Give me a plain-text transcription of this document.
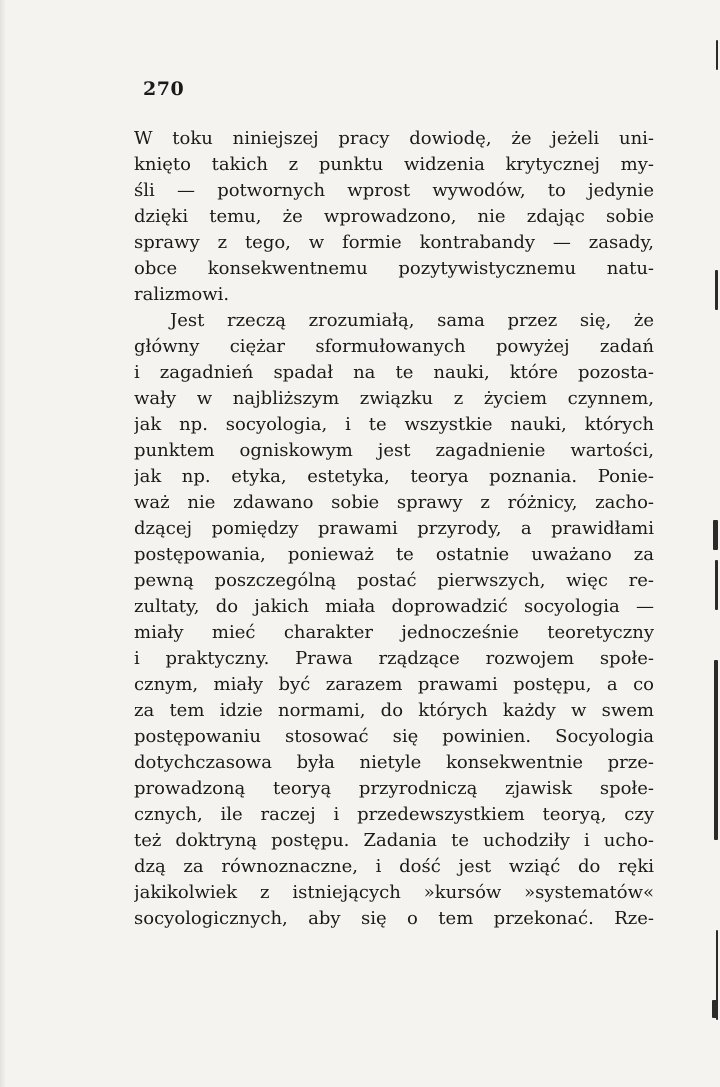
270
W toku niniejszej pracy dowiodę, że jeżeli uni-
knięto takich z punktu widzenia krytycznej my-
śli — potwornych wprost wywodów, to jedynie
dzięki temu, że wprowadzono, nie zdając sobie
sprawy z tego, w formie kontrabandy — zasady,
obce konsekwentnemu pozytywistycznemu natu-
ralizmowi.
Jest rzeczą zrozumiałą, sama przez się, że
główny ciężar sformułowanych powyżej zadań
i zagadnień spadał na te nauki, które pozosta-
wały w najbliższym związku z życiem czynnem,
jak np. socyologia, i te wszystkie nauki, których
punktem ogniskowym jest zagadnienie wartości,
jak np. etyka, estetyka, teorya poznania. Ponie-
waż nie zdawano sobie sprawy z różnicy, zacho-
dzącej pomiędzy prawami przyrody, a prawidłami
postępowania, ponieważ te ostatnie uważano za
pewną poszczególną postać pierwszych, więc re-
zultaty, do jakich miała doprowadzić socyologia —
miały mieć charakter jednocześnie teoretyczny
i praktyczny. Prawa rządzące rozwojem społe-
cznym, miały być zarazem prawami postępu, a co
za tem idzie normami, do których każdy w swem
postępowaniu stosować się powinien. Socyologia
dotychczasowa była nietyle konsekwentnie prze-
prowadzoną teoryą przyrodniczą zjawisk społe-
cznych, ile raczej i przedewszystkiem teoryą, czy
też doktryną postępu. Zadania te uchodziły i ucho-
dzą za równoznaczne, i dość jest wziąć do ręki
jakikolwiek z istniejących »kursów »systematów«
socyologicznych, aby się o tem przekonać. Rze-
